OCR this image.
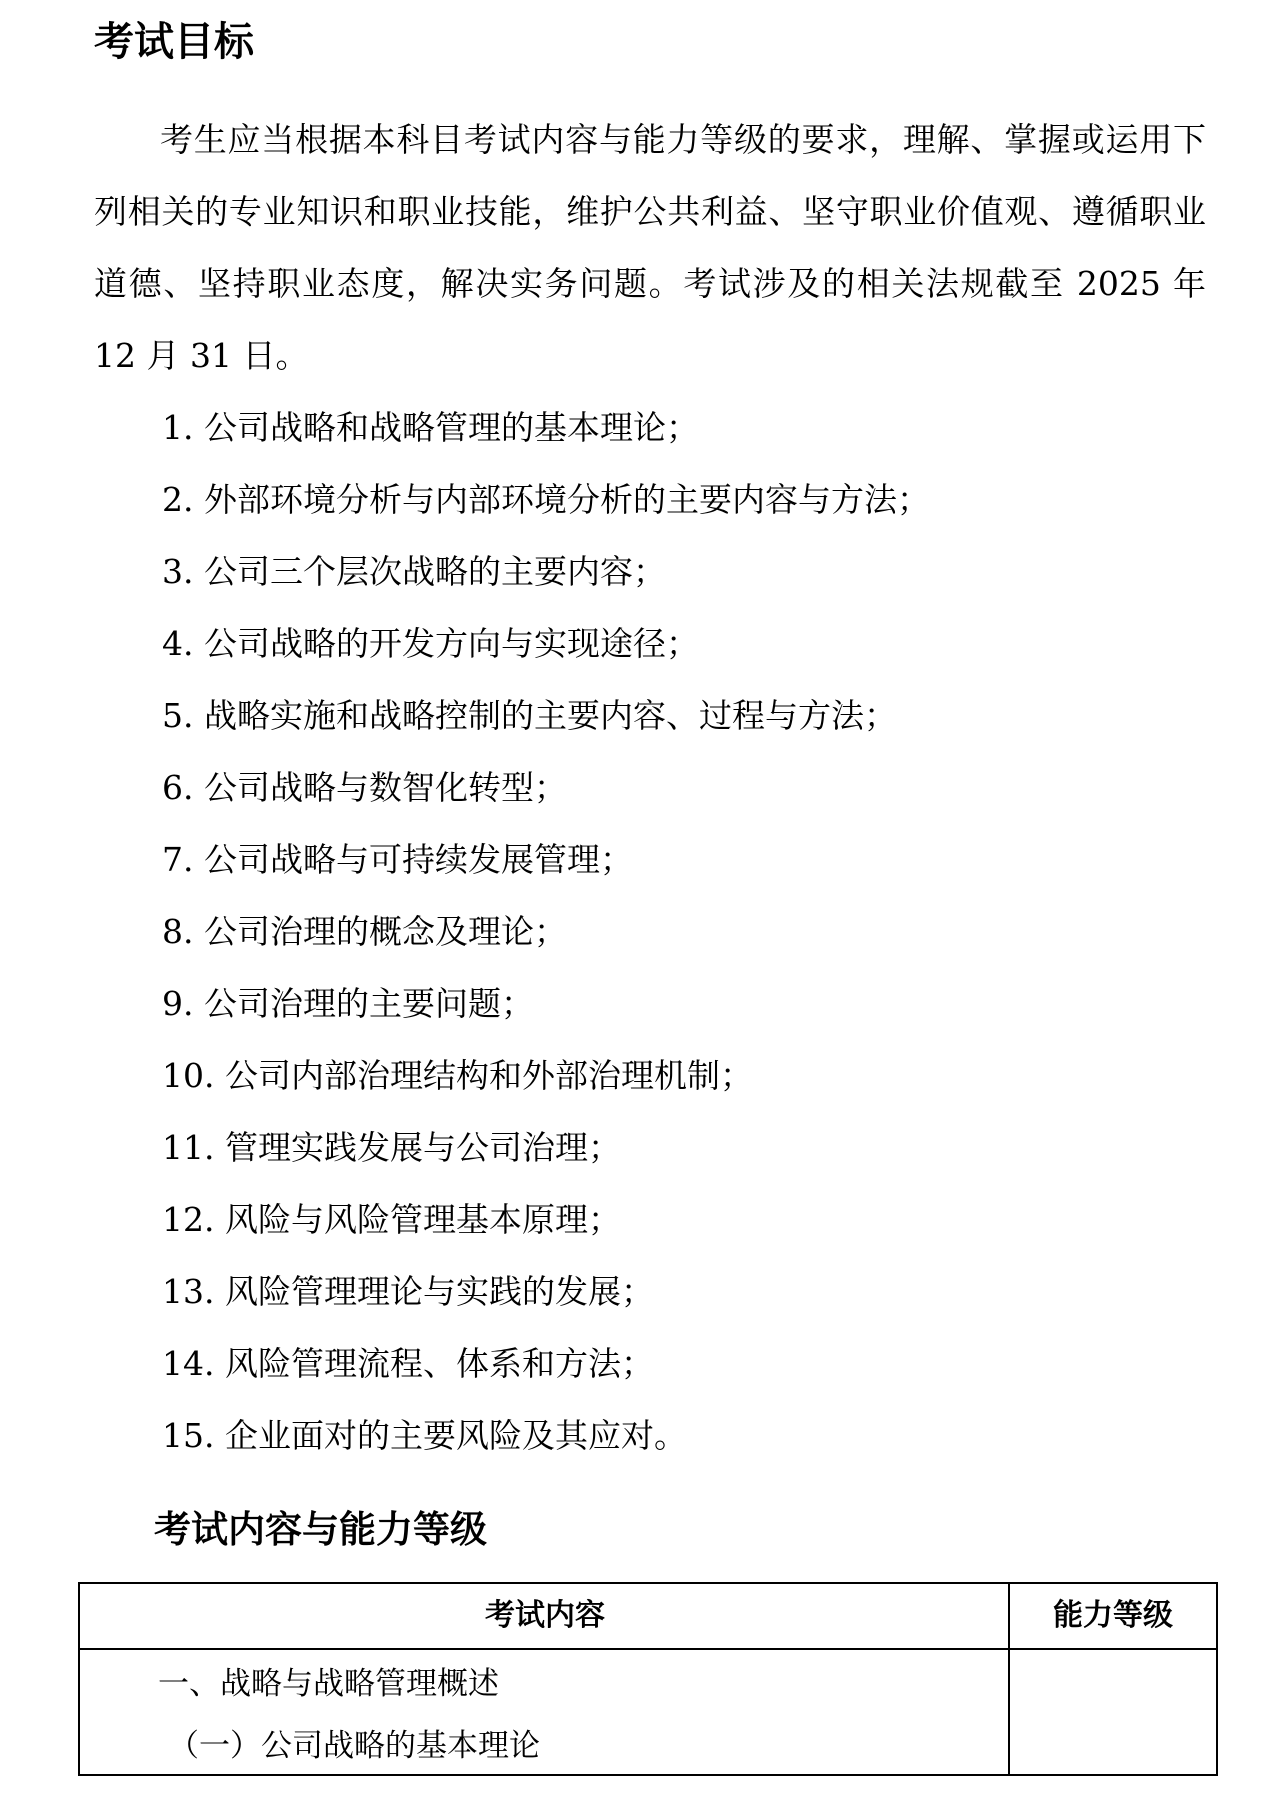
考试目标

考生应当根据本科目考试内容与能力等级的要求，理解、掌握或运用下列相关的专业知识和职业技能，维护公共利益、坚守职业价值观、遵循职业道德、坚持职业态度，解决实务问题。考试涉及的相关法规截至 2025 年 12 月 31 日。

1. 公司战略和战略管理的基本理论；
2. 外部环境分析与内部环境分析的主要内容与方法；
3. 公司三个层次战略的主要内容；
4. 公司战略的开发方向与实现途径；
5. 战略实施和战略控制的主要内容、过程与方法；
6. 公司战略与数智化转型；
7. 公司战略与可持续发展管理；
8. 公司治理的概念及理论；
9. 公司治理的主要问题；
10. 公司内部治理结构和外部治理机制；
11. 管理实践发展与公司治理；
12. 风险与风险管理基本原理；
13. 风险管理理论与实践的发展；
14. 风险管理流程、体系和方法；
15. 企业面对的主要风险及其应对。
考试内容与能力等级
考试内容	能力等级
一、战略与战略管理概述
（一）公司战略的基本理论
